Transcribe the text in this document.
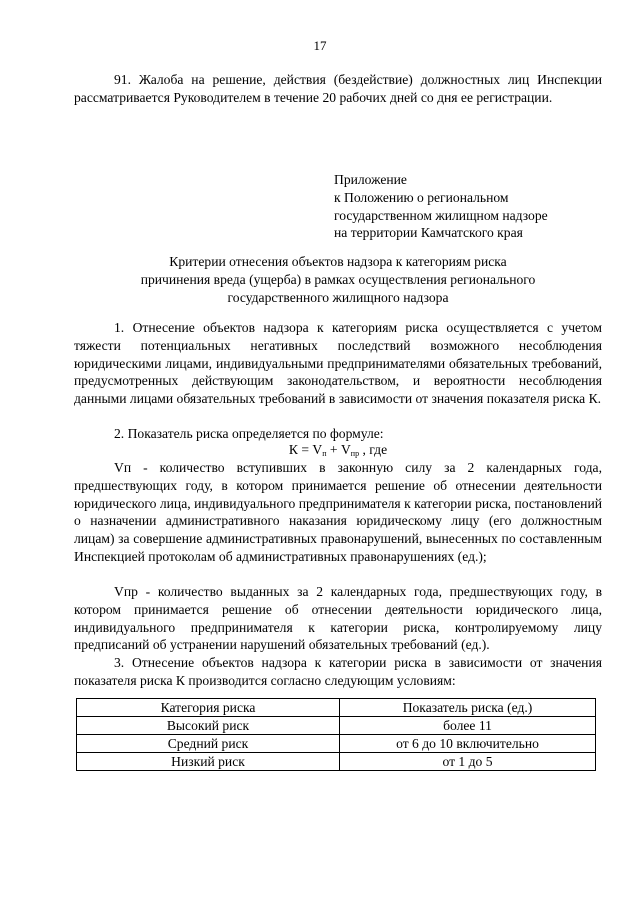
17
91. Жалоба на решение, действия (бездействие) должностных лиц Инспекции рассматривается Руководителем в течение 20 рабочих дней со дня ее регистрации.
Приложение
к Положению о региональном
государственном жилищном надзоре
на территории Камчатского края
Критерии отнесения объектов надзора к категориям риска
причинения вреда (ущерба) в рамках осуществления регионального
государственного жилищного надзора
1. Отнесение объектов надзора к категориям риска осуществляется с учетом тяжести потенциальных негативных последствий возможного несоблюдения юридическими лицами, индивидуальными предпринимателями обязательных требований, предусмотренных действующим законодательством, и вероятности несоблюдения данными лицами обязательных требований в зависимости от значения показателя риска К.
2. Показатель риска определяется по формуле:
$К = V_п + V_{пр}$ , где
Vп - количество вступивших в законную силу за 2 календарных года, предшествующих году, в котором принимается решение об отнесении деятельности юридического лица, индивидуального предпринимателя к категории риска, постановлений о назначении административного наказания юридическому лицу (его должностным лицам) за совершение административных правонарушений, вынесенных по составленным Инспекцией протоколам об административных правонарушениях (ед.);
Vпр - количество выданных за 2 календарных года, предшествующих году, в котором принимается решение об отнесении деятельности юридического лица, индивидуального предпринимателя к категории риска, контролируемому лицу предписаний об устранении нарушений обязательных требований (ед.).
3. Отнесение объектов надзора к категории риска в зависимости от значения показателя риска К производится согласно следующим условиям:
Категория риска	Показатель риска (ед.)
Высокий риск	более 11
Средний риск	от 6 до 10 включительно
Низкий риск	от 1 до 5
